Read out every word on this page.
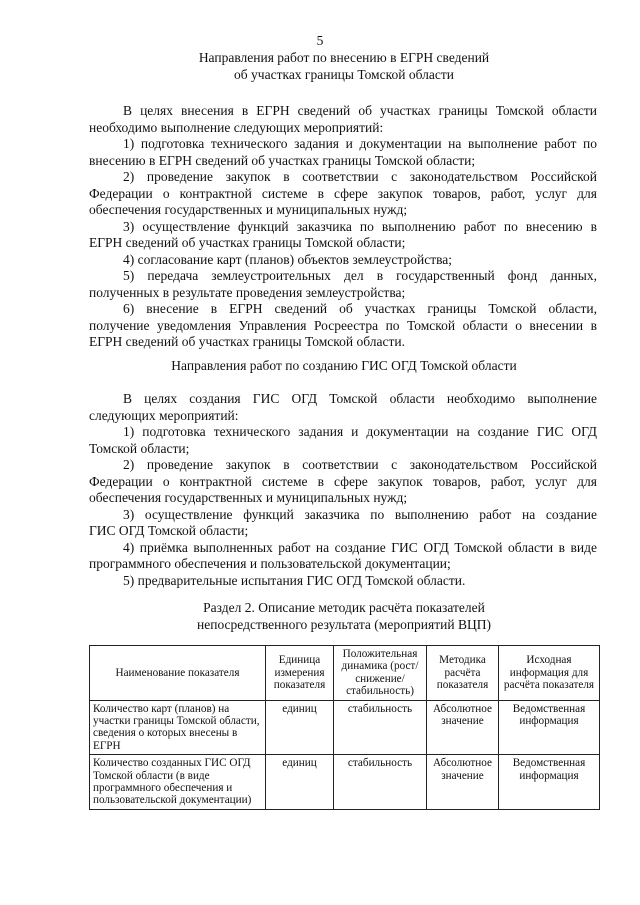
5
Направления работ по внесению в ЕГРН сведений
об участках границы Томской области
В целях внесения в ЕГРН сведений об участках границы Томской области
необходимо выполнение следующих мероприятий:
1) подготовка технического задания и документации на выполнение работ по
внесению в ЕГРН сведений об участках границы Томской области;
2) проведение закупок в соответствии с законодательством Российской
Федерации о контрактной системе в сфере закупок товаров, работ, услуг для
обеспечения государственных и муниципальных нужд;
3) осуществление функций заказчика по выполнению работ по внесению в
ЕГРН сведений об участках границы Томской области;
4) согласование карт (планов) объектов землеустройства;
5) передача землеустроительных дел в государственный фонд данных,
полученных в результате проведения землеустройства;
6) внесение в ЕГРН сведений об участках границы Томской области,
получение уведомления Управления Росреестра по Томской области о внесении в
ЕГРН сведений об участках границы Томской области.
Направления работ по созданию ГИС ОГД Томской области
В целях создания ГИС ОГД Томской области необходимо выполнение
следующих мероприятий:
1) подготовка технического задания и документации на создание ГИС ОГД
Томской области;
2) проведение закупок в соответствии с законодательством Российской
Федерации о контрактной системе в сфере закупок товаров, работ, услуг для
обеспечения государственных и муниципальных нужд;
3) осуществление функций заказчика по выполнению работ на создание
ГИС ОГД Томской области;
4) приёмка выполненных работ на создание ГИС ОГД Томской области в виде
программного обеспечения и пользовательской документации;
5) предварительные испытания ГИС ОГД Томской области.
Раздел 2. Описание методик расчёта показателей
непосредственного результата (мероприятий ВЦП)
Наименование показателя	Единица измерения показателя	Положительная динамика (рост/снижение/ стабильность)	Методика расчёта показателя	Исходная информация для расчёта показателя
Количество карт (планов) на участки границы Томской области, сведения о которых внесены в ЕГРН	единиц	стабильность	Абсолютное значение	Ведомственная информация
Количество созданных ГИС ОГД Томской области (в виде программного обеспечения и пользовательской документации)	единиц	стабильность	Абсолютное значение	Ведомственная информация
